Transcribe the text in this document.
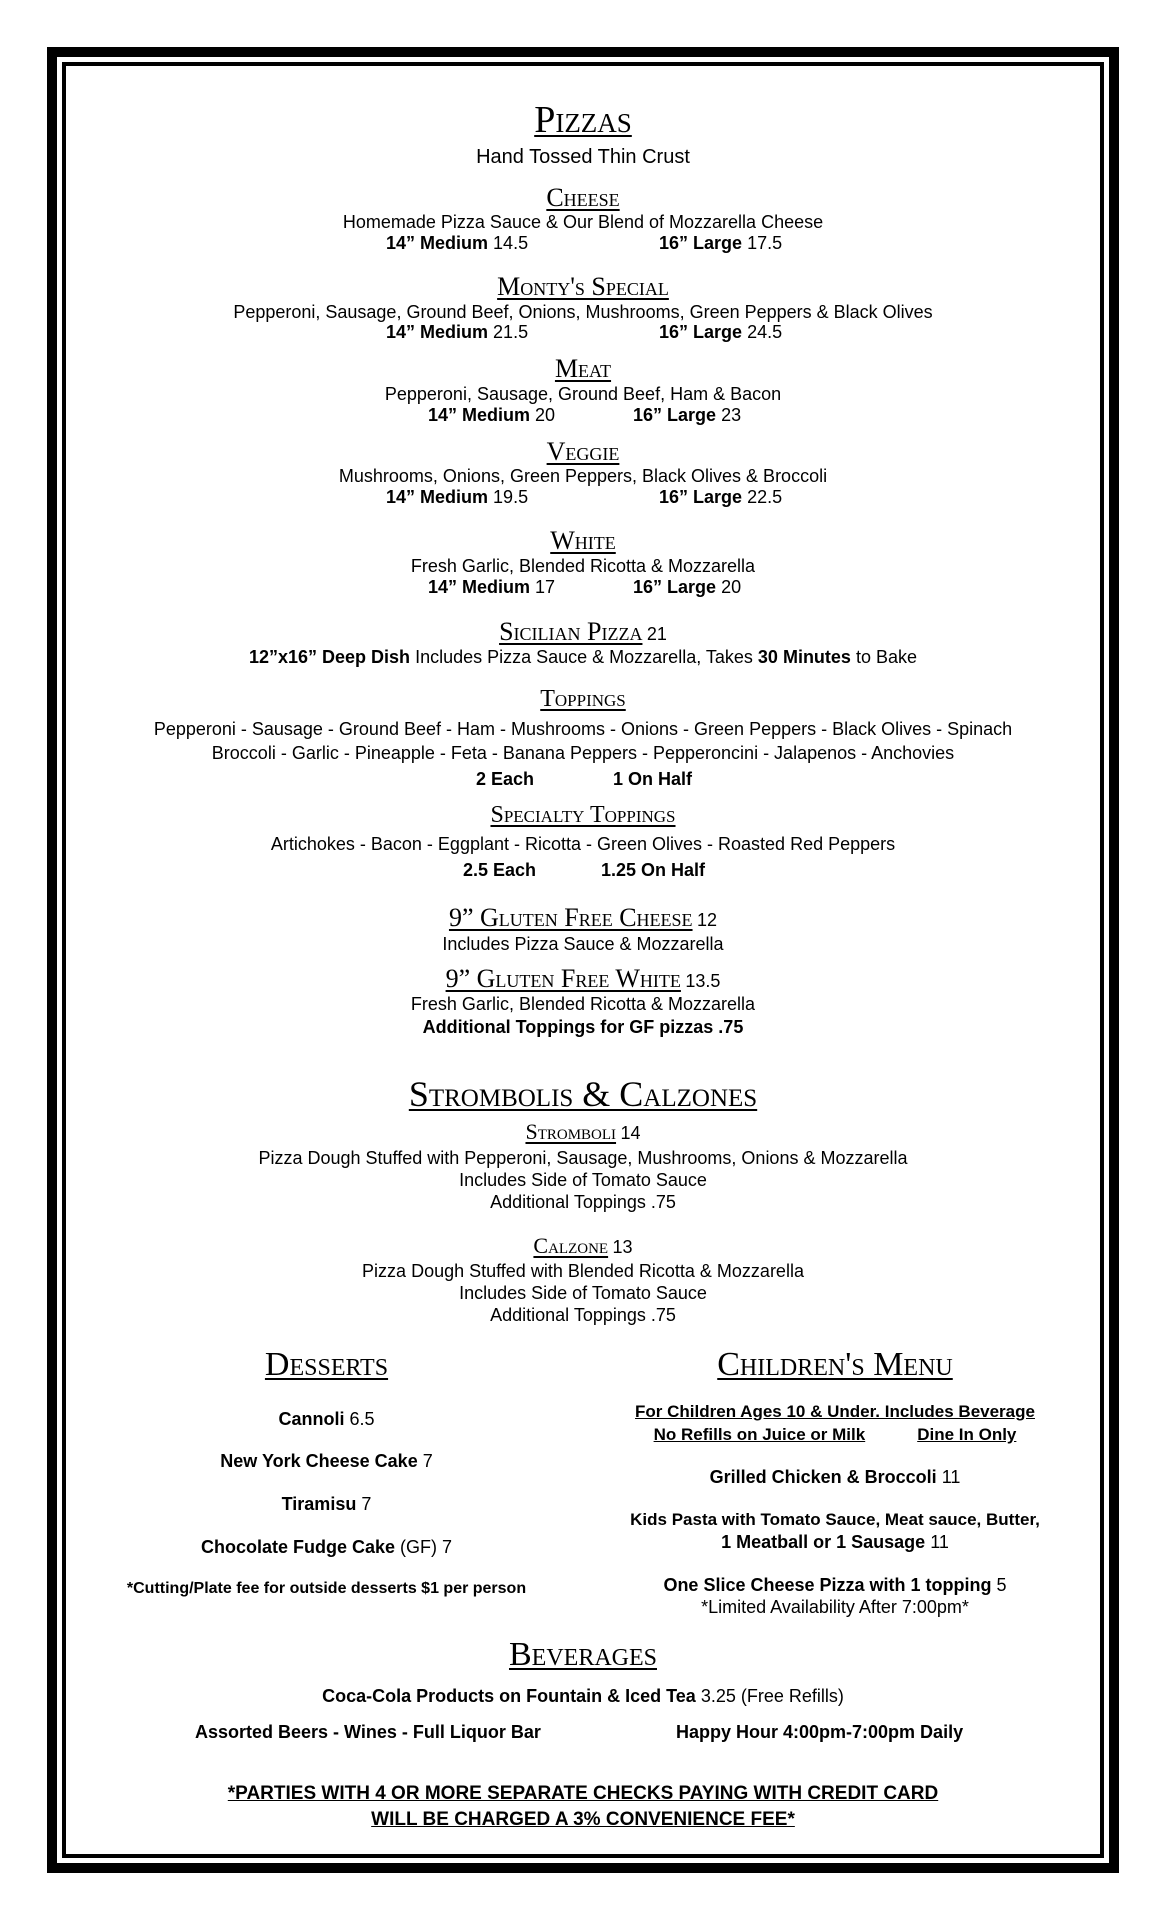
Pizzas
Hand Tossed Thin Crust
Cheese
Homemade Pizza Sauce & Our Blend of Mozzarella Cheese
14” Medium 14.5	16” Large 17.5
Monty's Special
Pepperoni, Sausage, Ground Beef, Onions, Mushrooms, Green Peppers & Black Olives
14” Medium 21.5	16” Large 24.5
Meat
Pepperoni, Sausage, Ground Beef, Ham & Bacon
14” Medium 20	16” Large 23
Veggie
Mushrooms, Onions, Green Peppers, Black Olives & Broccoli
14” Medium 19.5	16” Large 22.5
White
Fresh Garlic, Blended Ricotta & Mozzarella
14” Medium 17	16” Large 20
Sicilian Pizza 21
12”x16” Deep Dish Includes Pizza Sauce & Mozzarella, Takes 30 Minutes to Bake
Toppings
Pepperoni - Sausage - Ground Beef - Ham - Mushrooms - Onions - Green Peppers - Black Olives - Spinach
Broccoli - Garlic - Pineapple - Feta - Banana Peppers - Pepperoncini - Jalapenos - Anchovies
2 Each	1 On Half
Specialty Toppings
Artichokes - Bacon - Eggplant - Ricotta - Green Olives - Roasted Red Peppers
2.5 Each	1.25 On Half
9” Gluten Free Cheese 12
Includes Pizza Sauce & Mozzarella
9” Gluten Free White 13.5
Fresh Garlic, Blended Ricotta & Mozzarella
Additional Toppings for GF pizzas .75
Strombolis & Calzones
Stromboli 14
Pizza Dough Stuffed with Pepperoni, Sausage, Mushrooms, Onions & Mozzarella
Includes Side of Tomato Sauce
Additional Toppings .75
Calzone 13
Pizza Dough Stuffed with Blended Ricotta & Mozzarella
Includes Side of Tomato Sauce
Additional Toppings .75
Desserts
Cannoli 6.5
New York Cheese Cake 7
Tiramisu 7
Chocolate Fudge Cake (GF) 7
*Cutting/Plate fee for outside desserts $1 per person
Children's Menu
For Children Ages 10 & Under. Includes Beverage
No Refills on Juice or Milk	Dine In Only
Grilled Chicken & Broccoli 11
Kids Pasta with Tomato Sauce, Meat sauce, Butter,
1 Meatball or 1 Sausage 11
One Slice Cheese Pizza with 1 topping 5
*Limited Availability After 7:00pm*
Beverages
Coca-Cola Products on Fountain & Iced Tea 3.25 (Free Refills)
Assorted Beers - Wines - Full Liquor Bar	Happy Hour 4:00pm-7:00pm Daily
*PARTIES WITH 4 OR MORE SEPARATE CHECKS PAYING WITH CREDIT CARD
WILL BE CHARGED A 3% CONVENIENCE FEE*
